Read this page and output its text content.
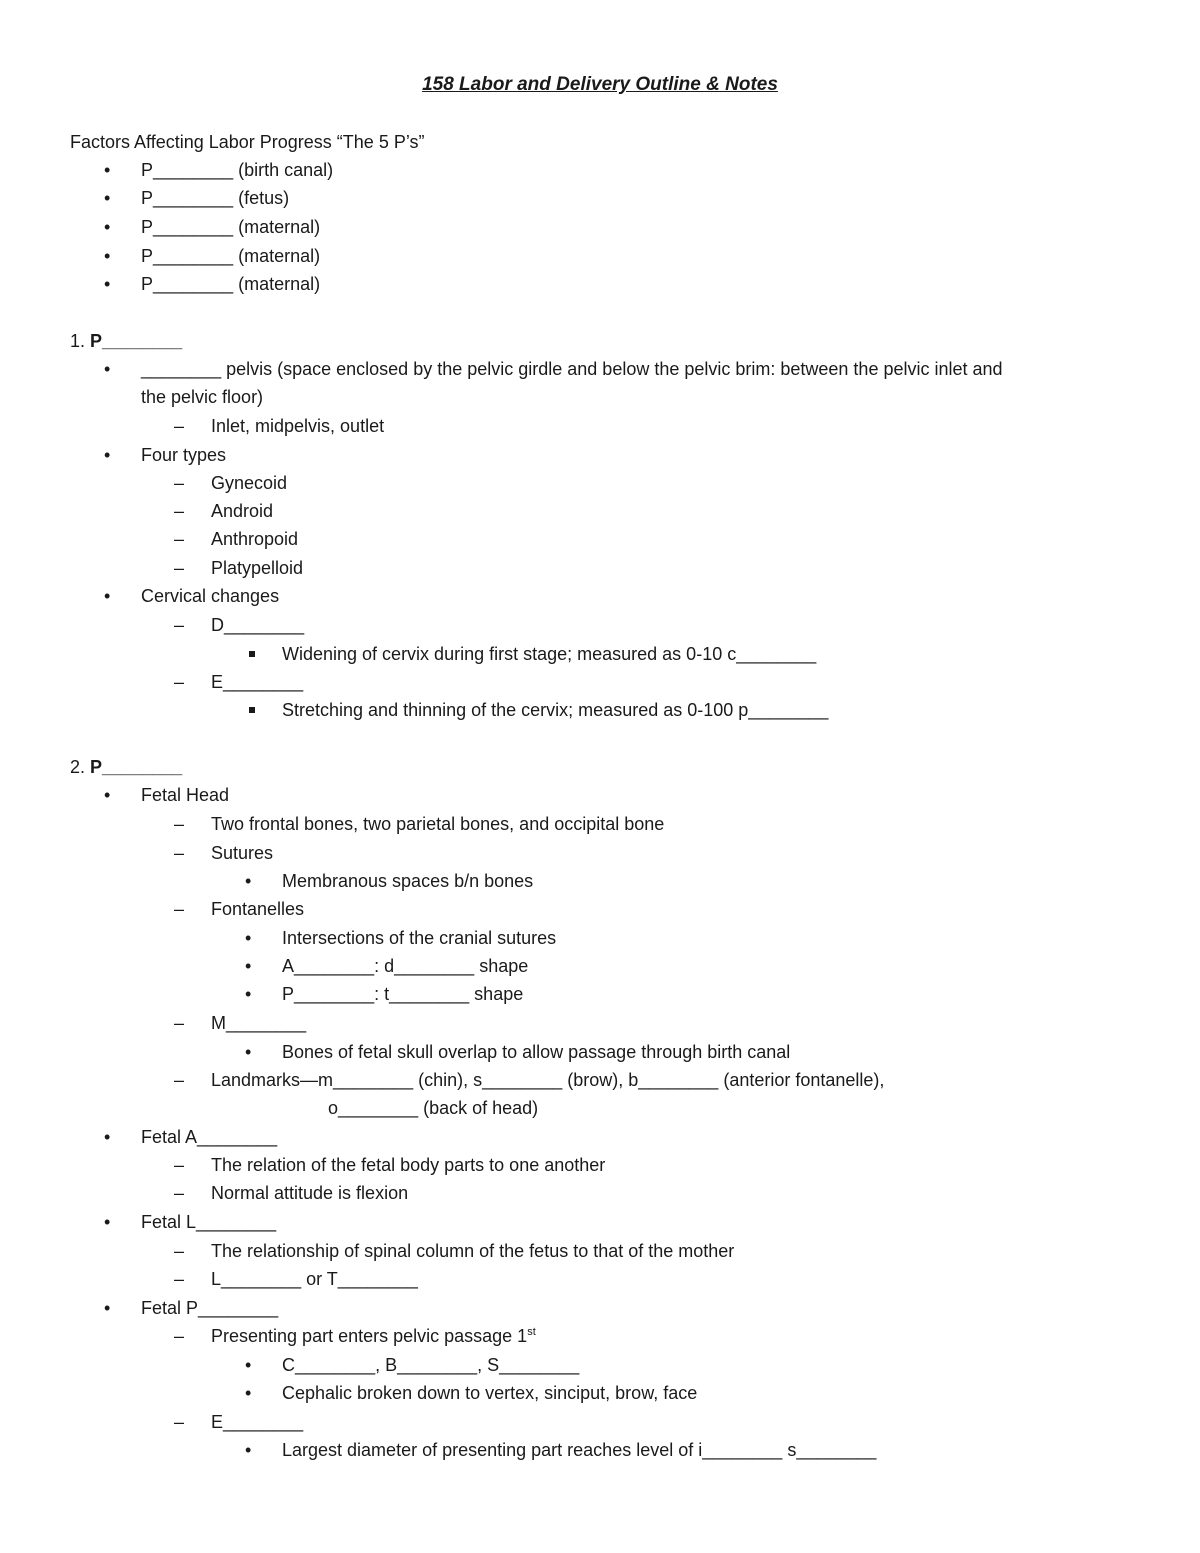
158 Labor and Delivery Outline & Notes
Factors Affecting Labor Progress “The 5 P’s”
• P________ (birth canal)
• P________ (fetus)
• P________ (maternal)
• P________ (maternal)
• P________ (maternal)
1. P________
• ________ pelvis (space enclosed by the pelvic girdle and below the pelvic brim: between the pelvic inlet and
the pelvic floor)
– Inlet, midpelvis, outlet
• Four types
– Gynecoid
– Android
– Anthropoid
– Platypelloid
• Cervical changes
– D________
Widening of cervix during first stage; measured as 0-10 c________
– E________
Stretching and thinning of the cervix; measured as 0-100 p________
2. P________
• Fetal Head
– Two frontal bones, two parietal bones, and occipital bone
– Sutures
• Membranous spaces b/n bones
– Fontanelles
• Intersections of the cranial sutures
• A________: d________ shape
• P________: t________ shape
– M________
• Bones of fetal skull overlap to allow passage through birth canal
– Landmarks—m________ (chin), s________ (brow), b________ (anterior fontanelle),
o________ (back of head)
• Fetal A________
– The relation of the fetal body parts to one another
– Normal attitude is flexion
• Fetal L________
– The relationship of spinal column of the fetus to that of the mother
– L________ or T________
• Fetal P________
– Presenting part enters pelvic passage 1st
• C________, B________, S________
• Cephalic broken down to vertex, sinciput, brow, face
– E________
• Largest diameter of presenting part reaches level of i________ s________
